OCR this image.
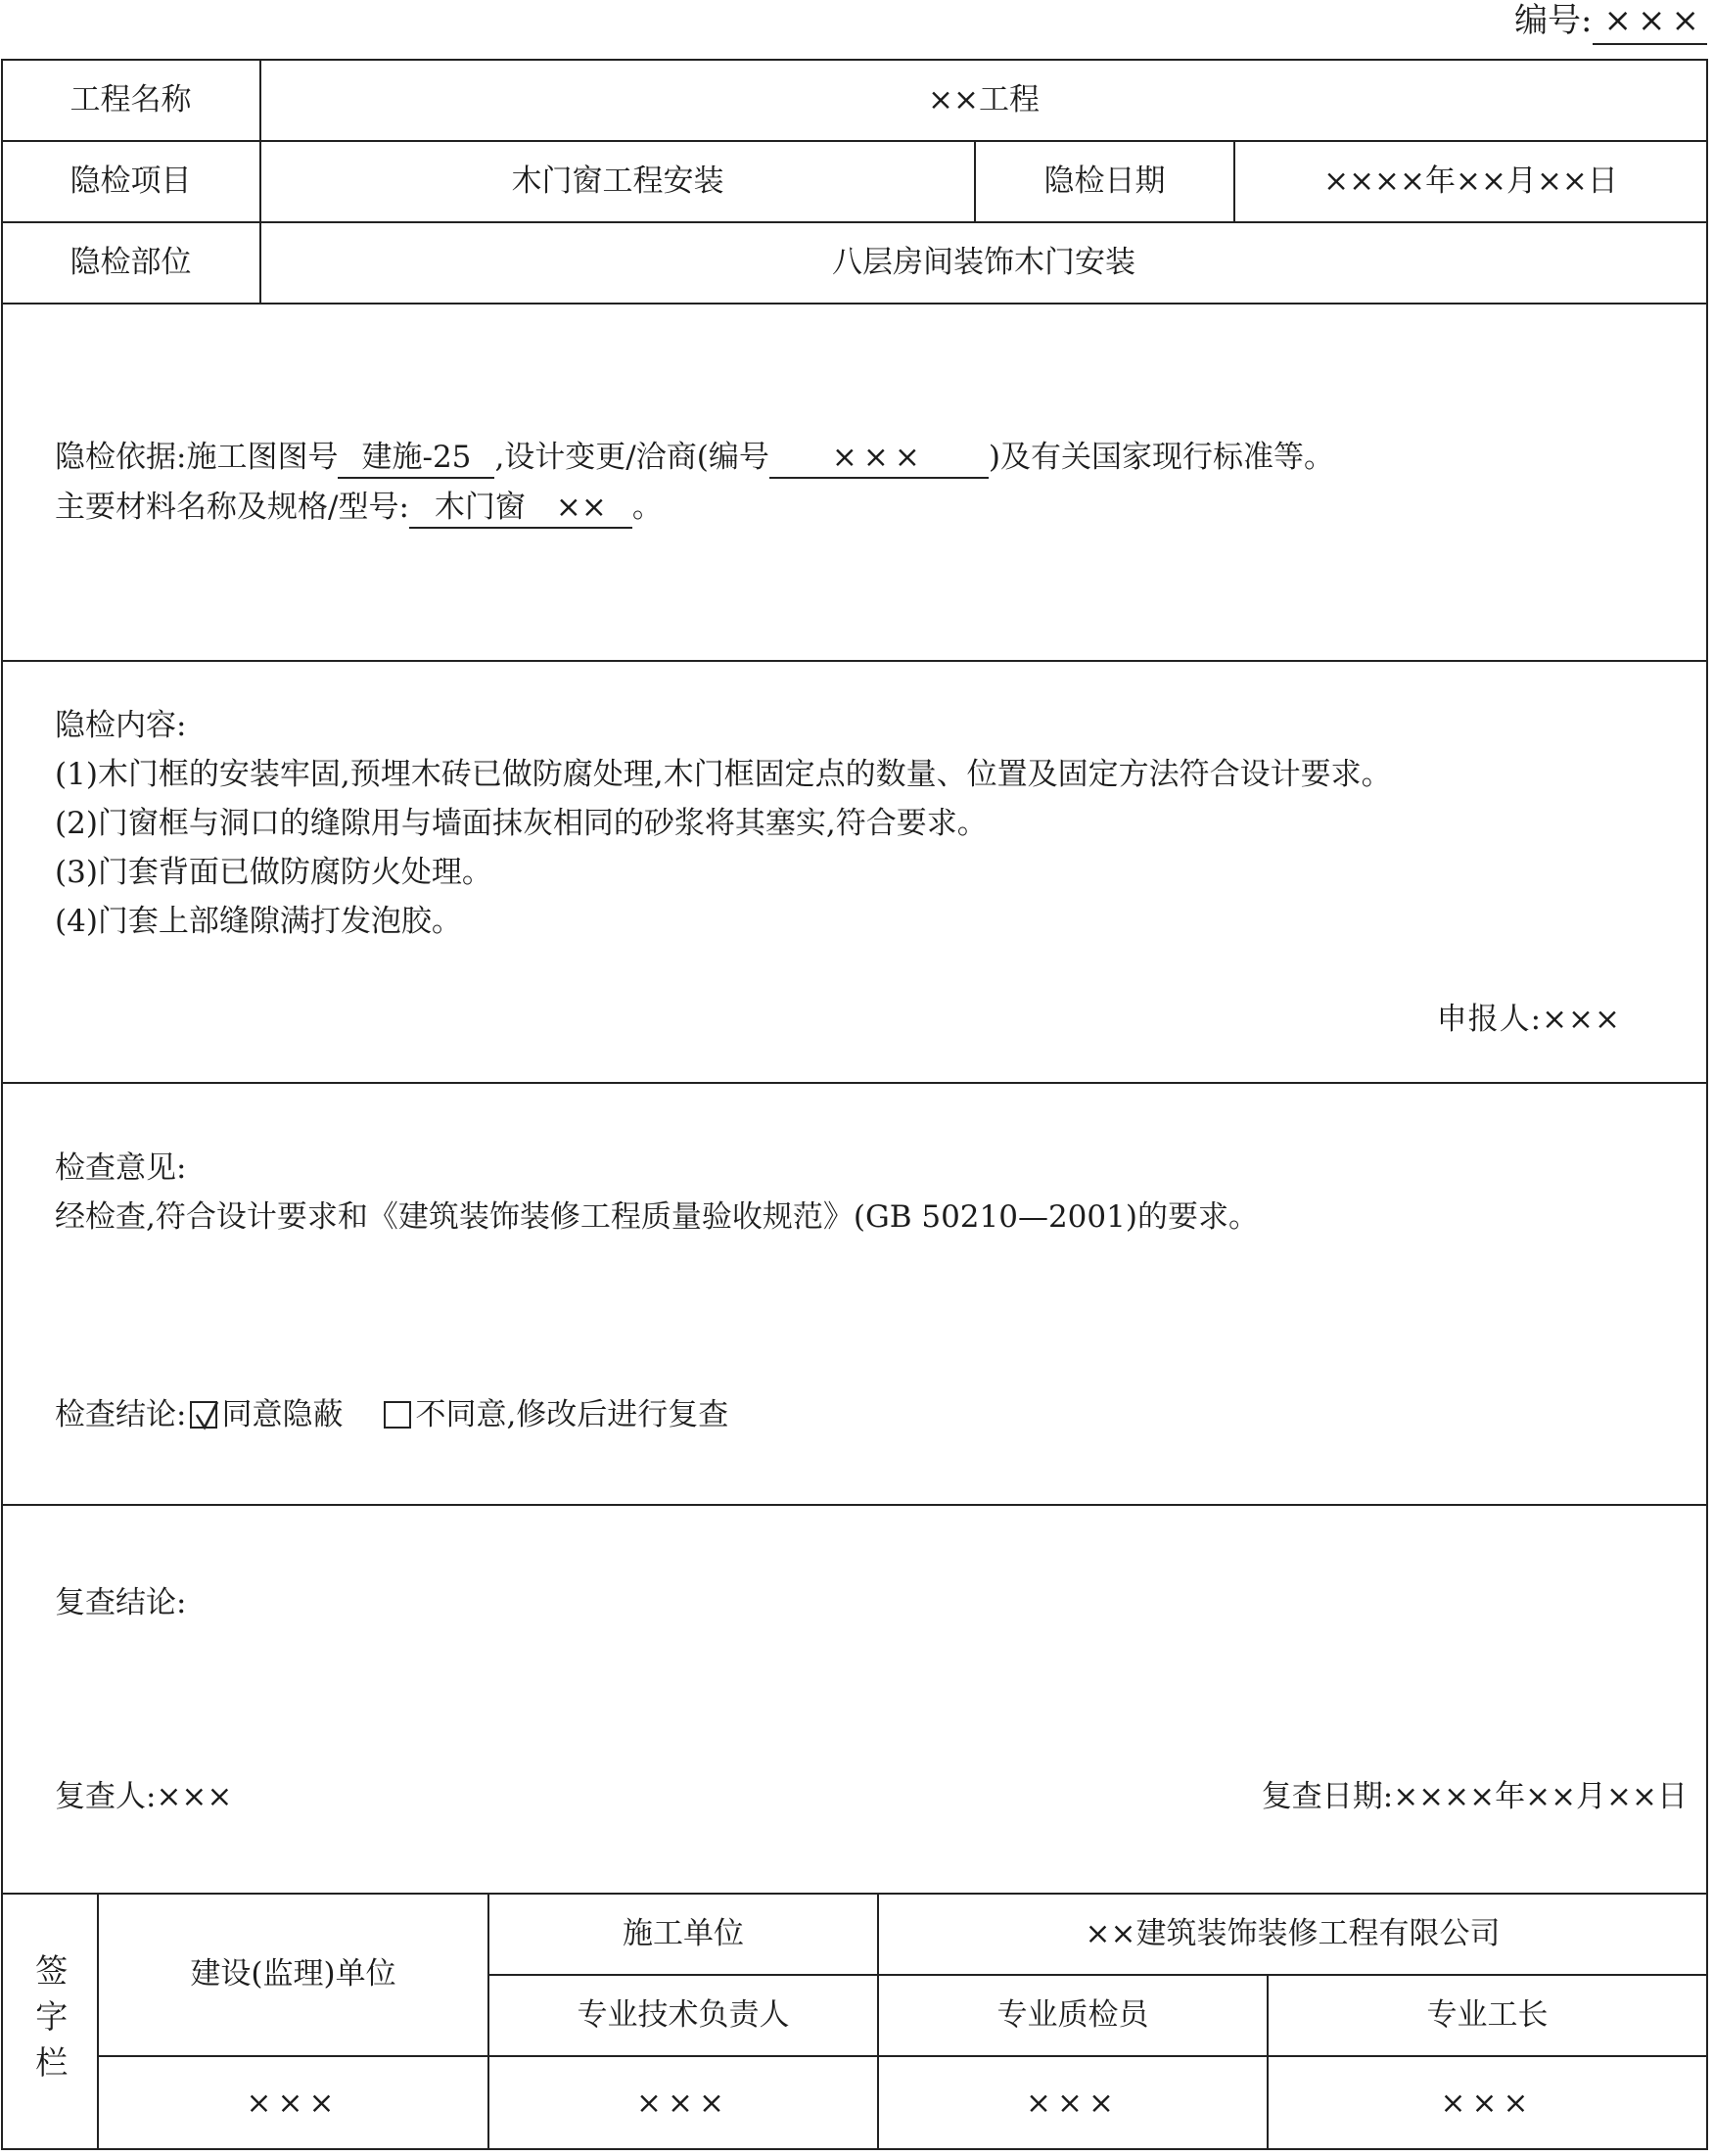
编号: ×××
工程名称	××工程
隐检项目	木门窗工程安装	隐检日期	××××年××月××日
隐检部位	八层房间装饰木门安装
隐检依据:施工图图号 建施-25 ,设计变更/洽商(编号 ××× )及有关国家现行标准等。
主要材料名称及规格/型号: 木门窗　×× 。
隐检内容:
(1)木门框的安装牢固,预埋木砖已做防腐处理,木门框固定点的数量、位置及固定方法符合设计要求。
(2)门窗框与洞口的缝隙用与墙面抹灰相同的砂浆将其塞实,符合要求。
(3)门套背面已做防腐防火处理。
(4)门套上部缝隙满打发泡胶。
申报人:×××
检查意见:
经检查,符合设计要求和《建筑装饰装修工程质量验收规范》(GB 50210—2001)的要求。
检查结论: 同意隐蔽 不同意,修改后进行复查
复查结论:
复查人:×××	复查日期:××××年××月××日
签字栏	建设(监理)单位
施工单位	××建筑装饰装修工程有限公司
专业技术负责人	专业质检员	专业工长
×××	×××	×××	×××
